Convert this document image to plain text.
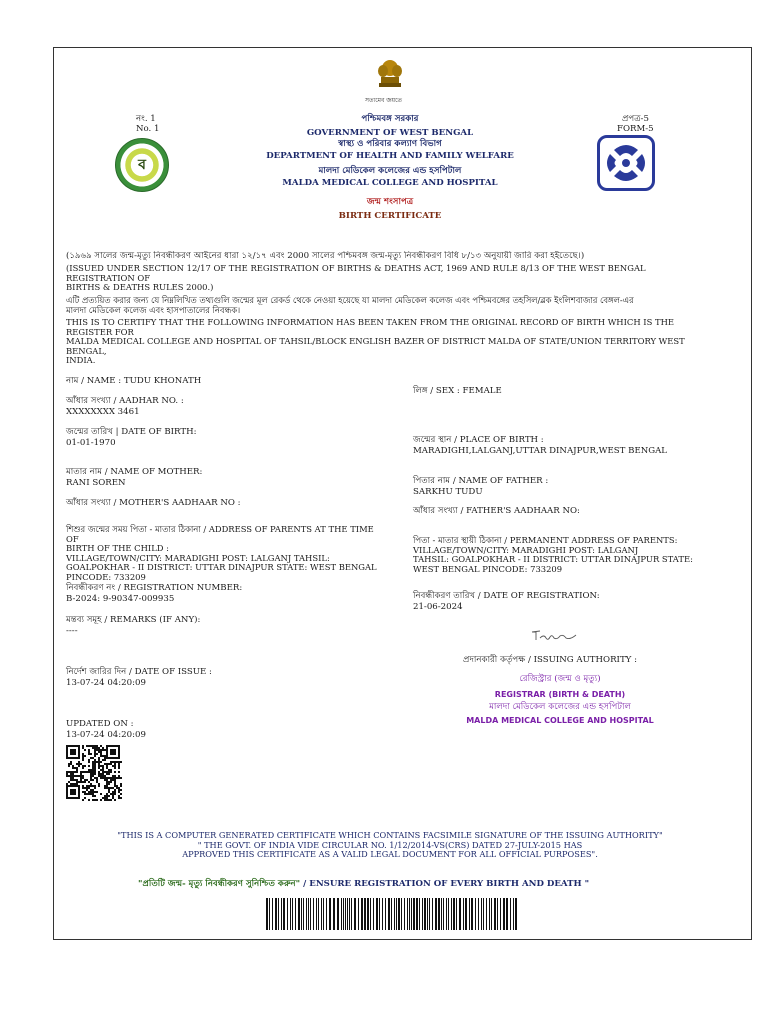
সত্যমেব জয়তে
নং. 1
No. 1
প্রপত্র-5
FORM-5
পশ্চিমবঙ্গ সরকার
GOVERNMENT OF WEST BENGAL
স্বাস্থ্য ও পরিবার কল্যাণ বিভাগ
DEPARTMENT OF HEALTH AND FAMILY WELFARE
মালদা মেডিকেল কলেজের এন্ড হসপিটাল
MALDA MEDICAL COLLEGE AND HOSPITAL
জন্ম শংসাপত্র
BIRTH CERTIFICATE
ব
(১৯৬৯ সালের জন্ম-মৃত্যু নিবন্ধীকরণ আইনের ধারা ১২/১৭ এবং 2000 সালের পশ্চিমবঙ্গ জন্ম-মৃত্যু নিবন্ধীকরণ বিধি ৮/১৩ অনুযায়ী জারি করা হইতেছে।)
(ISSUED UNDER SECTION 12/17 OF THE REGISTRATION OF BIRTHS & DEATHS ACT, 1969 AND RULE 8/13 OF THE WEST BENGAL REGISTRATION OF
BIRTHS & DEATHS RULES 2000.)
এটি প্রত্যয়িত করার জন্য যে নিম্নলিখিত তথ্যগুলি জন্মের মূল রেকর্ড থেকে নেওয়া হয়েছে যা মালদা মেডিকেল কলেজ এবং পশ্চিমবঙ্গের তহসিল/ব্লক ইংলিশবাজার বেঙ্গল-এর
মালদা মেডিকেল কলেজ এবং হাসপাতালের নিবন্ধক।
THIS IS TO CERTIFY THAT THE FOLLOWING INFORMATION HAS BEEN TAKEN FROM THE ORIGINAL RECORD OF BIRTH WHICH IS THE REGISTER FOR
MALDA MEDICAL COLLEGE AND HOSPITAL OF TAHSIL/BLOCK ENGLISH BAZER OF DISTRICT MALDA OF STATE/UNION TERRITORY WEST BENGAL,
INDIA.
নাম / NAME : TUDU KHONATH
আঁধার সংখ্যা / AADHAR NO. :
XXXXXXXX 3461
জন্মের তারিখ | DATE OF BIRTH:
01-01-1970
মাতার নাম / NAME OF MOTHER:
RANI SOREN
আঁধার সংখ্যা / MOTHER'S AADHAAR NO :
শিশুর জন্মের সময় পিতা - মাতার ঠিকানা / ADDRESS OF PARENTS AT THE TIME OF
BIRTH OF THE CHILD :
VILLAGE/TOWN/CITY: MARADIGHI POST: LALGANJ TAHSIL:
GOALPOKHAR - II DISTRICT: UTTAR DINAJPUR STATE: WEST BENGAL
PINCODE: 733209
নিবন্ধীকরণ নং / REGISTRATION NUMBER:
B-2024: 9-90347-009935
মন্তব্য সমূহ / REMARKS (IF ANY):
----
নির্দেশ জারির দিন / DATE OF ISSUE :
13-07-24 04:20:09
UPDATED ON :
13-07-24 04:20:09
লিঙ্গ / SEX : FEMALE
জন্মের স্থান / PLACE OF BIRTH :
MARADIGHI,LALGANJ,UTTAR DINAJPUR,WEST BENGAL
পিতার নাম / NAME OF FATHER :
SARKHU TUDU
আঁধার সংখ্যা / FATHER'S AADHAAR NO:
পিতা - মাতার স্থায়ী ঠিকানা / PERMANENT ADDRESS OF PARENTS:
VILLAGE/TOWN/CITY: MARADIGHI POST: LALGANJ
TAHSIL: GOALPOKHAR - II DISTRICT: UTTAR DINAJPUR STATE:
WEST BENGAL PINCODE: 733209
নিবন্ধীকরণ তারিখ / DATE OF REGISTRATION:
21-06-2024
প্রদানকারী কর্তৃপক্ষ / ISSUING AUTHORITY :
রেজিস্ট্রার (জন্ম ও মৃত্যু)
REGISTRAR (BIRTH & DEATH)
মালদা মেডিকেল কলেজের এন্ড হসপিটাল
MALDA MEDICAL COLLEGE AND HOSPITAL
"THIS IS A COMPUTER GENERATED CERTIFICATE WHICH CONTAINS FACSIMILE SIGNATURE OF THE ISSUING AUTHORITY"
" THE GOVT. OF INDIA VIDE CIRCULAR NO. 1/12/2014-VS(CRS) DATED 27-JULY-2015 HAS
APPROVED THIS CERTIFICATE AS A VALID LEGAL DOCUMENT FOR ALL OFFICIAL PURPOSES".
"প্রতিটি জন্ম- মৃত্যু নিবন্ধীকরণ সুনিশ্চিত করুন" / ENSURE REGISTRATION OF EVERY BIRTH AND DEATH "
